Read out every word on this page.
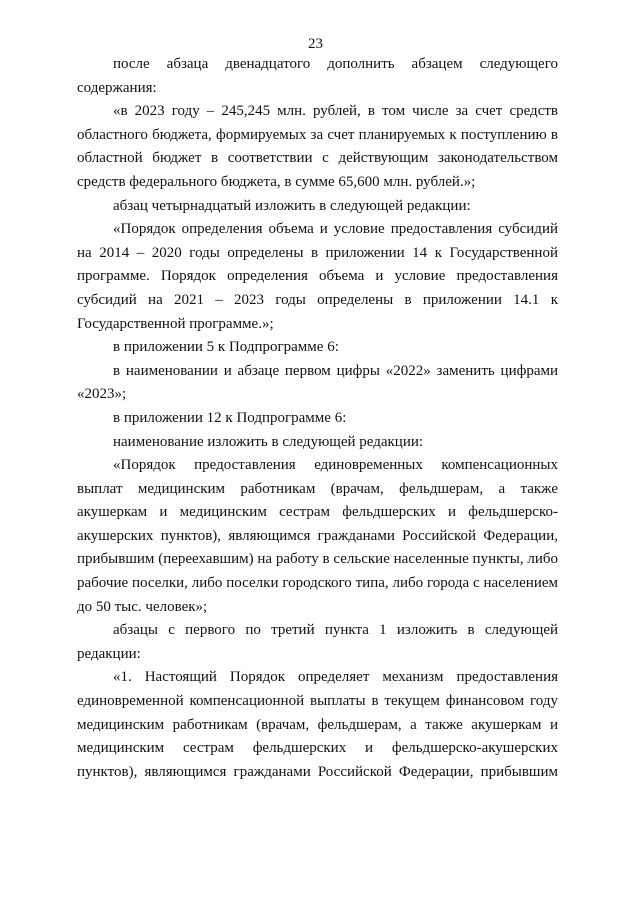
23

после абзаца двенадцатого дополнить абзацем следующего содержания:

«в 2023 году – 245,245 млн. рублей, в том числе за счет средств областного бюджета, формируемых за счет планируемых к поступлению в областной бюджет в соответствии с действующим законодательством средств федерального бюджета, в сумме 65,600 млн. рублей.»;

абзац четырнадцатый изложить в следующей редакции:

«Порядок определения объема и условие предоставления субсидий на 2014 – 2020 годы определены в приложении 14 к Государственной программе. Порядок определения объема и условие предоставления субсидий на 2021 – 2023 годы определены в приложении 14.1 к Государственной программе.»;

в приложении 5 к Подпрограмме 6:

в наименовании и абзаце первом цифры «2022» заменить цифрами «2023»;

в приложении 12 к Подпрограмме 6:

наименование изложить в следующей редакции:

«Порядок предоставления единовременных компенсационных выплат медицинским работникам (врачам, фельдшерам, а также акушеркам и медицинским сестрам фельдшерских и фельдшерско-акушерских пунктов), являющимся гражданами Российской Федерации, прибывшим (переехавшим) на работу в сельские населенные пункты, либо рабочие поселки, либо поселки городского типа, либо города с населением до 50 тыс. человек»;

абзацы с первого по третий пункта 1 изложить в следующей редакции:

«1. Настоящий Порядок определяет механизм предоставления единовременной компенсационной выплаты в текущем финансовом году медицинским работникам (врачам, фельдшерам, а также акушеркам и медицинским сестрам фельдшерских и фельдшерско-акушерских пунктов), являющимся гражданами Российской Федерации, прибывшим
